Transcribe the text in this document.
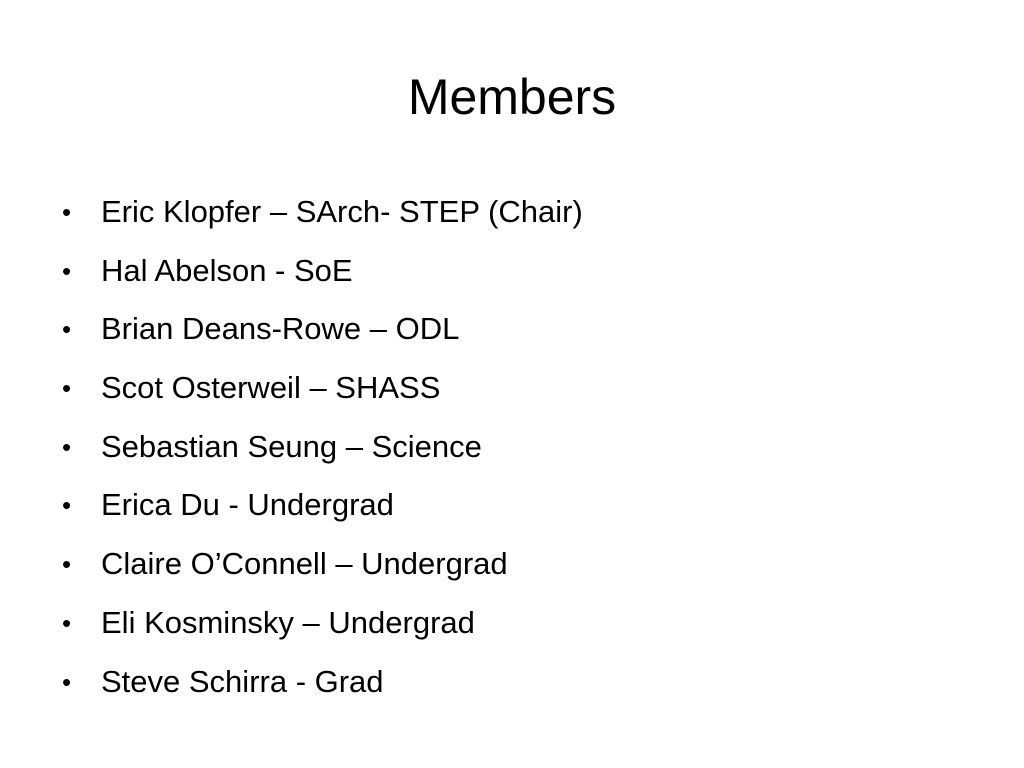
Members
• Eric Klopfer – SArch- STEP (Chair)
• Hal Abelson - SoE
• Brian Deans-Rowe – ODL
• Scot Osterweil – SHASS
• Sebastian Seung – Science
• Erica Du - Undergrad
• Claire O’Connell – Undergrad
• Eli Kosminsky – Undergrad
• Steve Schirra - Grad
